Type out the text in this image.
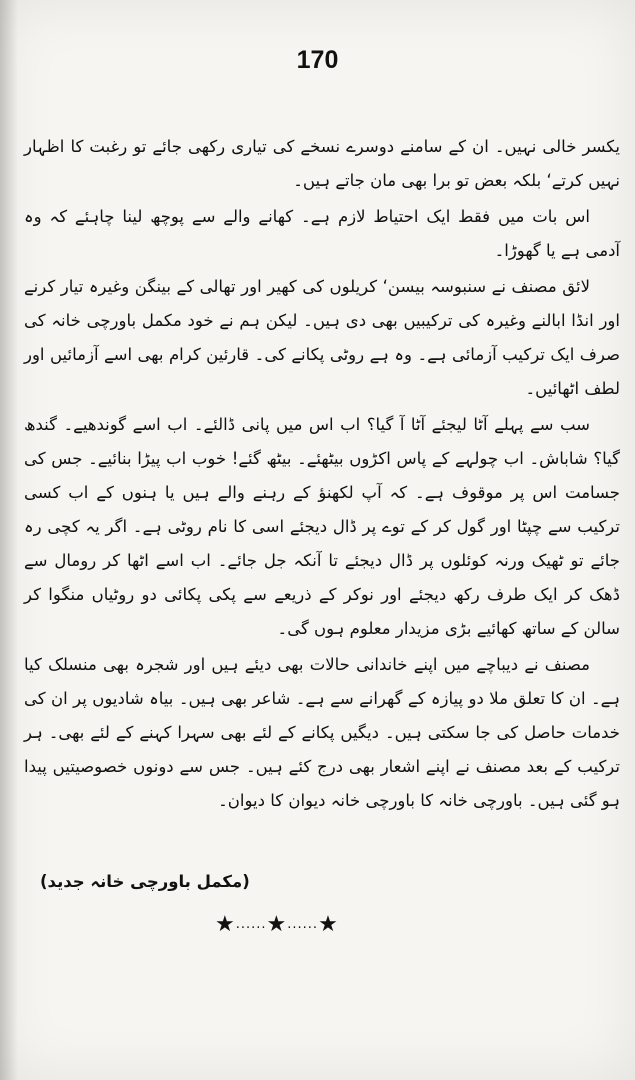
170

یکسر خالی نہیں۔ ان کے سامنے دوسرے نسخے کی تیاری رکھی جائے تو رغبت کا اظہار نہیں کرتے‘ بلکہ بعض تو برا بھی مان جاتے ہیں۔

اس بات میں فقط ایک احتیاط لازم ہے۔ کھانے والے سے پوچھ لینا چاہئے کہ وہ آدمی ہے یا گھوڑا۔

لائق مصنف نے سنبوسہ بیسن‘ کریلوں کی کھیر اور تھالی کے بینگن وغیرہ تیار کرنے اور انڈا ابالنے وغیرہ کی ترکیبیں بھی دی ہیں۔ لیکن ہم نے خود مکمل باورچی خانہ کی صرف ایک ترکیب آزمائی ہے۔ وہ ہے روٹی پکانے کی۔ قارئین کرام بھی اسے آزمائیں اور لطف اٹھائیں۔

سب سے پہلے آٹا لیجئے آٹا آ گیا؟ اب اس میں پانی ڈالئے۔ اب اسے گوندھیے۔ گندھ گیا؟ شاباش۔ اب چولہے کے پاس اکڑوں بیٹھئے۔ بیٹھ گئے! خوب اب پیڑا بنائیے۔ جس کی جسامت اس پر موقوف ہے۔ کہ آپ لکھنؤ کے رہنے والے ہیں یا ہنوں کے اب کسی ترکیب سے چپٹا اور گول کر کے توے پر ڈال دیجئے اسی کا نام روٹی ہے۔ اگر یہ کچی رہ جائے تو ٹھیک ورنہ کوئلوں پر ڈال دیجئے تا آنکہ جل جائے۔ اب اسے اٹھا کر رومال سے ڈھک کر ایک طرف رکھ دیجئے اور نوکر کے ذریعے سے پکی پکائی دو روٹیاں منگوا کر سالن کے ساتھ کھائیے بڑی مزیدار معلوم ہوں گی۔

مصنف نے دیباچے میں اپنے خاندانی حالات بھی دیئے ہیں اور شجرہ بھی منسلک کیا ہے۔ ان کا تعلق ملا دو پیازہ کے گھرانے سے ہے۔ شاعر بھی ہیں۔ بیاہ شادیوں پر ان کی خدمات حاصل کی جا سکتی ہیں۔ دیگیں پکانے کے لئے بھی سہرا کہنے کے لئے بھی۔ ہر ترکیب کے بعد مصنف نے اپنے اشعار بھی درج کئے ہیں۔ جس سے دونوں خصوصیتیں پیدا ہو گئی ہیں۔ باورچی خانہ کا باورچی خانہ دیوان کا دیوان۔

(مکمل باورچی خانہ جدید)
★......★......★
